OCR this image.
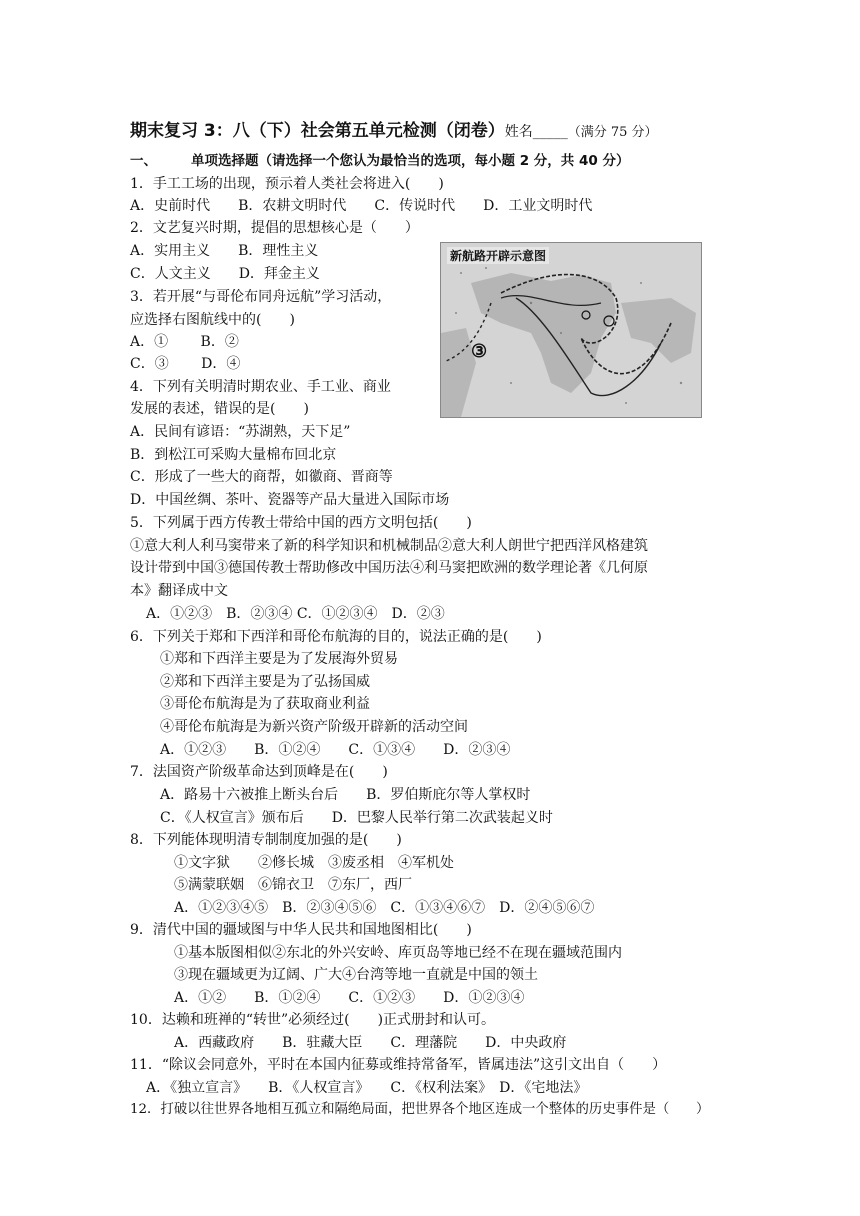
期末复习 3：八（下）社会第五单元检测（闭卷）姓名_____（满分 75 分）
一、	单项选择题（请选择一个您认为最恰当的选项，每小题 2 分，共 40 分）
新航路开辟示意图
③
1．手工工场的出现，预示着人类社会将进入(　　)
A．史前时代　　B．农耕文明时代　　C．传说时代　　D．工业文明时代
2．文艺复兴时期，提倡的思想核心是（　　）
A．实用主义　　B．理性主义
C．人文主义　　D．拜金主义
3．若开展“与哥伦布同舟远航”学习活动，
应选择右图航线中的(　　)
A．①　　 B．②
C．③　　 D．④
4．下列有关明清时期农业、手工业、商业
发展的表述，错误的是(　　)
A．民间有谚语：“苏湖熟，天下足”
B．到松江可采购大量棉布回北京
C．形成了一些大的商帮，如徽商、晋商等
D．中国丝绸、茶叶、瓷器等产品大量进入国际市场
5．下列属于西方传教士带给中国的西方文明包括(　　)
①意大利人利马窦带来了新的科学知识和机械制品②意大利人朗世宁把西洋风格建筑
设计带到中国③德国传教士帮助修改中国历法④利马窦把欧洲的数学理论著《几何原
本》翻译成中文
A．①②③　B．②③④ C．①②③④　D．②③
6．下列关于郑和下西洋和哥伦布航海的目的，说法正确的是(　　)
①郑和下西洋主要是为了发展海外贸易
②郑和下西洋主要是为了弘扬国威
③哥伦布航海是为了获取商业利益
④哥伦布航海是为新兴资产阶级开辟新的活动空间
A．①②③　　B．①②④　　C．①③④　　D．②③④
7．法国资产阶级革命达到顶峰是在(　　)
A．路易十六被推上断头台后　　B．罗伯斯庇尔等人掌权时
C．《人权宣言》颁布后　　D．巴黎人民举行第二次武装起义时
8．下列能体现明清专制制度加强的是(　　)
①文字狱　　②修长城　③废丞相　④军机处
⑤满蒙联姻　⑥锦衣卫　⑦东厂，西厂
A．①②③④⑤　B．②③④⑤⑥　C．①③④⑥⑦　D．②④⑤⑥⑦
9．清代中国的疆域图与中华人民共和国地图相比(　　)
①基本版图相似②东北的外兴安岭、库页岛等地已经不在现在疆域范围内
③现在疆域更为辽阔、广大④台湾等地一直就是中国的领土
A．①②　　B．①②④　　C．①②③　　D．①②③④
10．达赖和班禅的“转世”必须经过(　　)正式册封和认可。
A．西藏政府　　B．驻藏大臣　　C．理藩院　　D．中央政府
11．“除议会同意外，平时在本国内征募或维持常备军，皆属违法”这引文出自（　　）
A．《独立宣言》　　B．《人权宣言》　　C．《权利法案》　D．《宅地法》
12．打破以往世界各地相互孤立和隔绝局面，把世界各个地区连成一个整体的历史事件是（　　）
